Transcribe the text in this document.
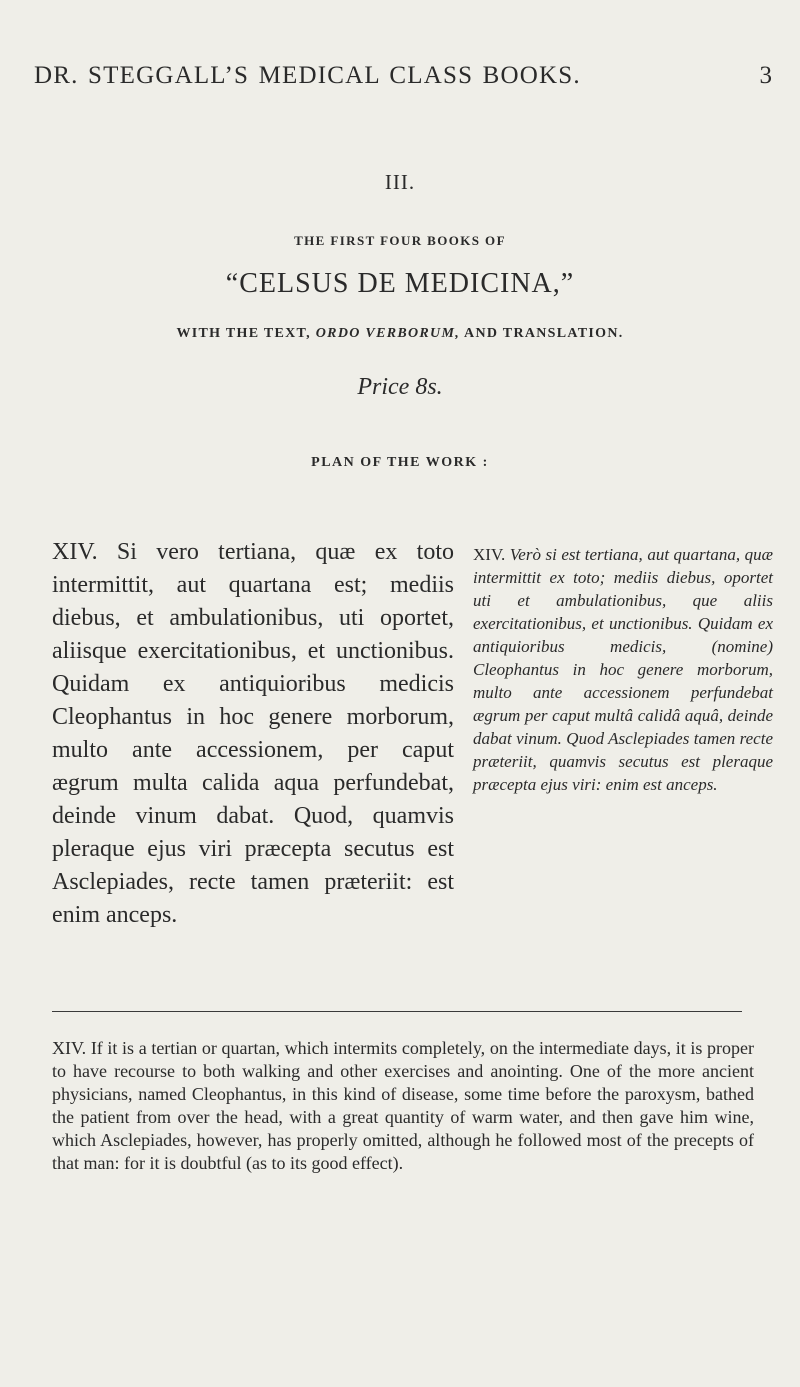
DR. STEGGALL’S MEDICAL CLASS BOOKS.	3
III.
THE FIRST FOUR BOOKS OF
“CELSUS DE MEDICINA,”
WITH THE TEXT, ORDO VERBORUM, AND TRANSLATION.
Price 8s.
PLAN OF THE WORK :
XIV. Si vero tertiana, quæ ex toto intermittit, aut quartana est; mediis diebus, et ambulationibus, uti oportet, aliisque exercitationibus, et unctionibus. Quidam ex antiquioribus medicis Cleophantus in hoc genere morborum, multo ante accessionem, per caput ægrum multa calida aqua perfundebat, deinde vinum dabat. Quod, quamvis pleraque ejus viri præcepta secutus est Asclepiades, recte tamen præteriit: est enim anceps.
XIV. Verò si est tertiana, aut quartana, quæ intermittit ex toto; mediis diebus, oportet uti et ambulationibus, que aliis exercitationibus, et unctionibus. Quidam ex antiquioribus medicis, (nomine) Cleophantus in hoc genere morborum, multo ante accessionem perfundebat ægrum per caput multâ calidâ aquâ, deinde dabat vinum. Quod Asclepiades tamen recte præteriit, quamvis secutus est pleraque præcepta ejus viri: enim est anceps.
XIV. If it is a tertian or quartan, which intermits completely, on the intermediate days, it is proper to have recourse to both walking and other exercises and anointing. One of the more ancient physicians, named Cleophantus, in this kind of disease, some time before the paroxysm, bathed the patient from over the head, with a great quantity of warm water, and then gave him wine, which Asclepiades, however, has properly omitted, although he followed most of the precepts of that man: for it is doubtful (as to its good effect).
